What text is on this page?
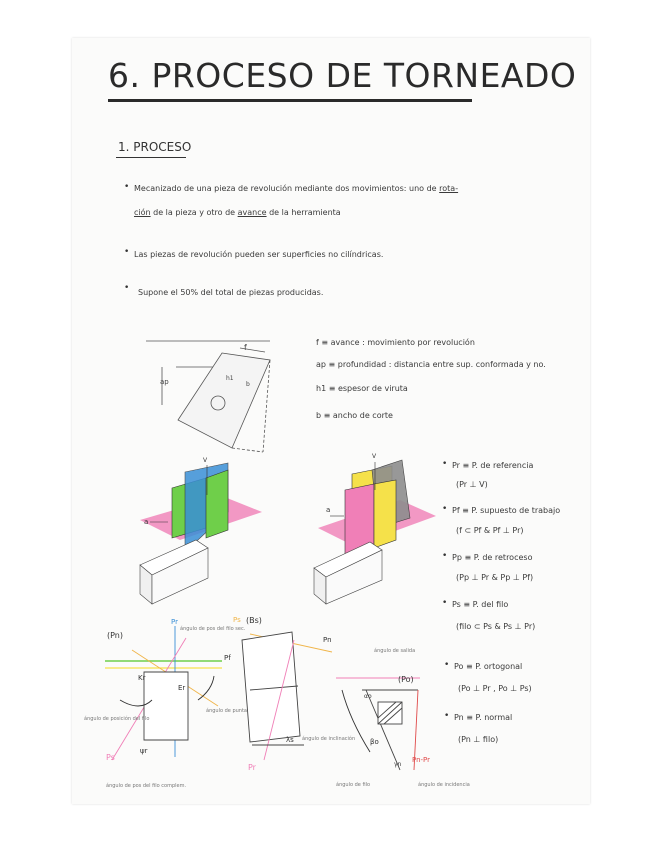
6. PROCESO DE TORNEADO
1. PROCESO
• Mecanizado de una pieza de revolución mediante dos movimientos: uno de rota-
ción de la pieza y otro de avance de la herramienta
• Las piezas de revolución pueden ser superficies no cilíndricas.
• Supone el 50% del total de piezas producidas.
f ≡ avance : movimiento por revolución
ap ≡ profundidad : distancia entre sup. conformada y no.
h1 ≡ espesor de viruta
b ≡ ancho de corte
• Pr ≡ P. de referencia
(Pr ⊥ V)
• Pf ≡ P. supuesto de trabajo
(f ⊂ Pf & Pf ⊥ Pr)
• Pp ≡ P. de retroceso
(Pp ⊥ Pr & Pp ⊥ Pf)
• Ps ≡ P. del filo
(filo ⊂ Ps & Ps ⊥ Pr)
• Po ≡ P. ortogonal
(Po ⊥ Pr , Po ⊥ Ps)
• Pn ≡ P. normal
(Pn ⊥ filo)
f
ap	h1
b
V
a
V
a
(Pn)
Pr
Pf
Ps
Kr
Er
ψr
ángulo de posición del filo
ángulo de punta
ángulo de pos del filo sec.
ángulo de pos del filo complem.
(Bs)
Ps
Pn
Pr
λs ángulo de inclinación
ángulo de salida
(Po)
αo
βo
γn
Pn-Pr
ángulo de filo	ángulo de incidencia
